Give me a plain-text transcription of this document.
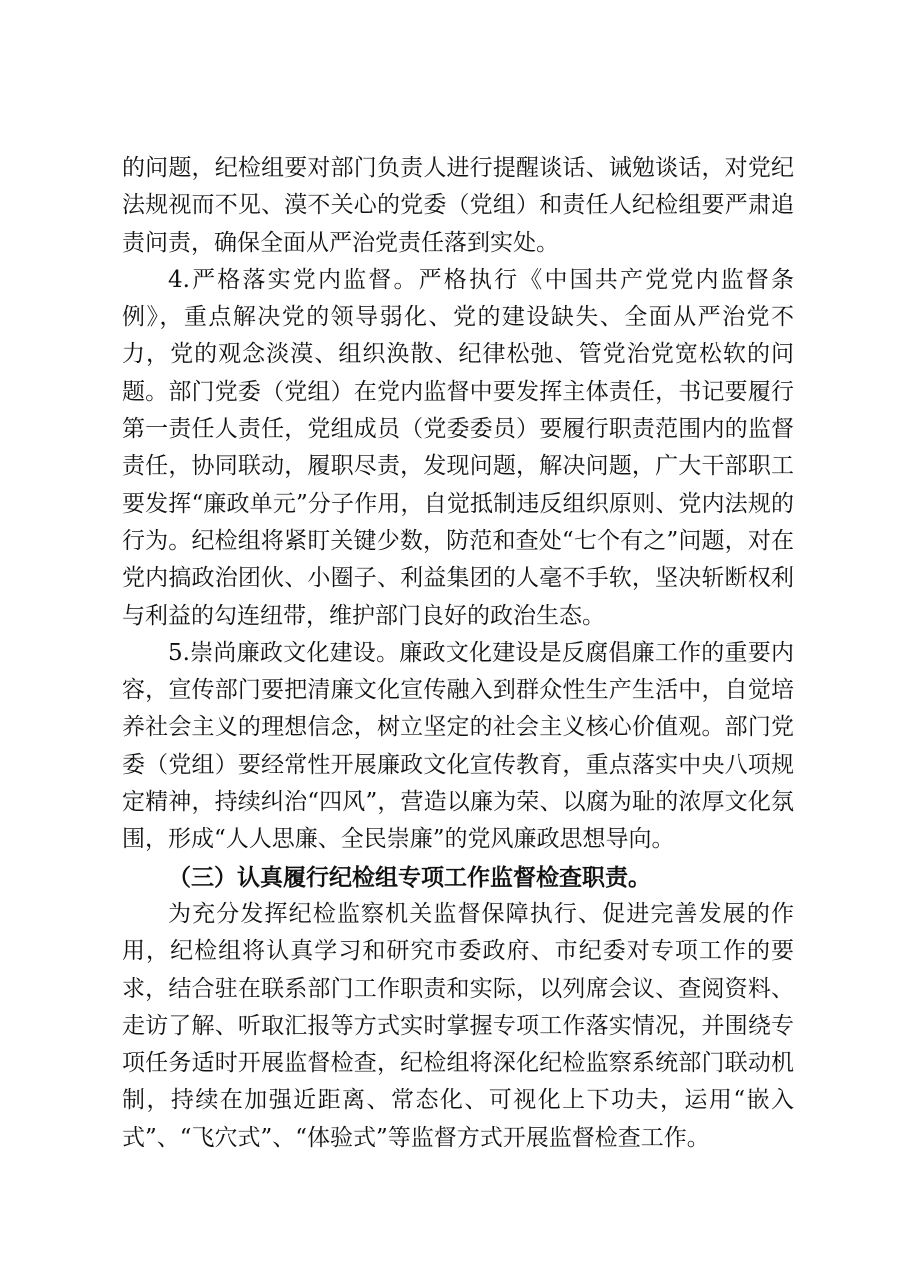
的问题，纪检组要对部门负责人进行提醒谈话、诫勉谈话，对党纪法规视而不见、漠不关心的党委（党组）和责任人纪检组要严肃追责问责，确保全面从严治党责任落到实处。

4.严格落实党内监督。严格执行《中国共产党党内监督条例》，重点解决党的领导弱化、党的建设缺失、全面从严治党不力，党的观念淡漠、组织涣散、纪律松弛、管党治党宽松软的问题。部门党委（党组）在党内监督中要发挥主体责任，书记要履行第一责任人责任，党组成员（党委委员）要履行职责范围内的监督责任，协同联动，履职尽责，发现问题，解决问题，广大干部职工要发挥“廉政单元”分子作用，自觉抵制违反组织原则、党内法规的行为。纪检组将紧盯关键少数，防范和查处“七个有之”问题，对在党内搞政治团伙、小圈子、利益集团的人毫不手软，坚决斩断权利与利益的勾连纽带，维护部门良好的政治生态。

5.崇尚廉政文化建设。廉政文化建设是反腐倡廉工作的重要内容，宣传部门要把清廉文化宣传融入到群众性生产生活中，自觉培养社会主义的理想信念，树立坚定的社会主义核心价值观。部门党委（党组）要经常性开展廉政文化宣传教育，重点落实中央八项规定精神，持续纠治“四风”，营造以廉为荣、以腐为耻的浓厚文化氛围，形成“人人思廉、全民崇廉”的党风廉政思想导向。

（三）认真履行纪检组专项工作监督检查职责。

为充分发挥纪检监察机关监督保障执行、促进完善发展的作用，纪检组将认真学习和研究市委政府、市纪委对专项工作的要求，结合驻在联系部门工作职责和实际，以列席会议、查阅资料、走访了解、听取汇报等方式实时掌握专项工作落实情况，并围绕专项任务适时开展监督检查，纪检组将深化纪检监察系统部门联动机制，持续在加强近距离、常态化、可视化上下功夫，运用“嵌入式”、“飞穴式”、“体验式”等监督方式开展监督检查工作。
